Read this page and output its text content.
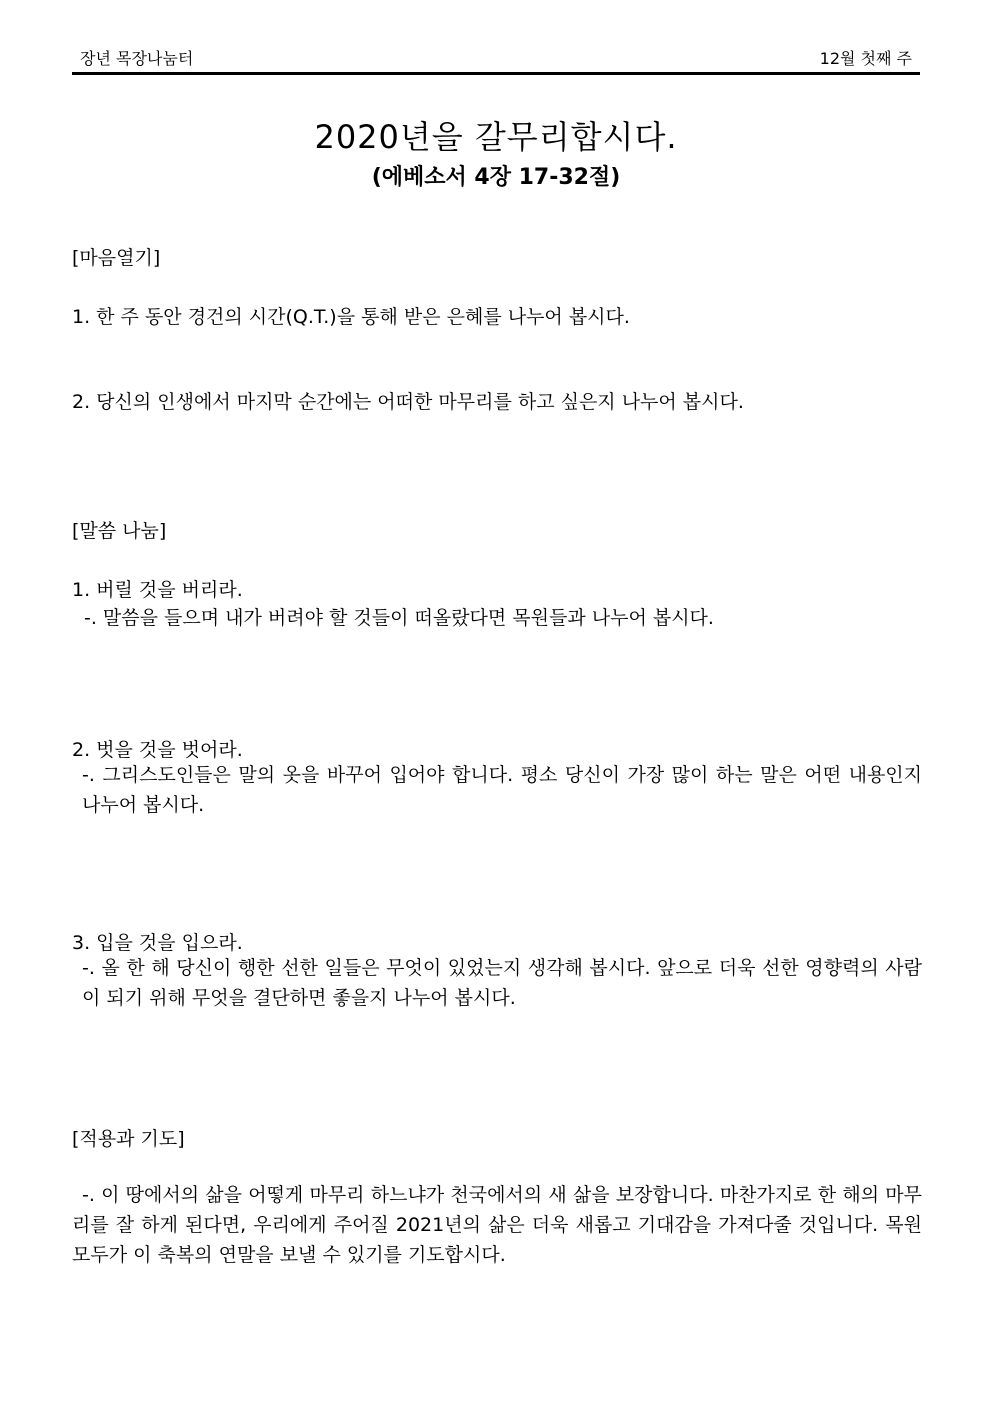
장년 목장나눔터	12월 첫째 주
2020년을 갈무리합시다.
(에베소서 4장 17-32절)
[마음열기]
1. 한 주 동안 경건의 시간(Q.T.)을 통해 받은 은혜를 나누어 봅시다.
2. 당신의 인생에서 마지막 순간에는 어떠한 마무리를 하고 싶은지 나누어 봅시다.
[말씀 나눔]
1. 버릴 것을 버리라.
-. 말씀을 들으며 내가 버려야 할 것들이 떠올랐다면 목원들과 나누어 봅시다.
2. 벗을 것을 벗어라.
-. 그리스도인들은 말의 옷을 바꾸어 입어야 합니다. 평소 당신이 가장 많이 하는 말은 어떤 내용인지 나누어 봅시다.
3. 입을 것을 입으라.
-. 올 한 해 당신이 행한 선한 일들은 무엇이 있었는지 생각해 봅시다. 앞으로 더욱 선한 영향력의 사람이 되기 위해 무엇을 결단하면 좋을지 나누어 봅시다.
[적용과 기도]
-. 이 땅에서의 삶을 어떻게 마무리 하느냐가 천국에서의 새 삶을 보장합니다. 마찬가지로 한 해의 마무리를 잘 하게 된다면, 우리에게 주어질 2021년의 삶은 더욱 새롭고 기대감을 가져다줄 것입니다. 목원 모두가 이 축복의 연말을 보낼 수 있기를 기도합시다.
